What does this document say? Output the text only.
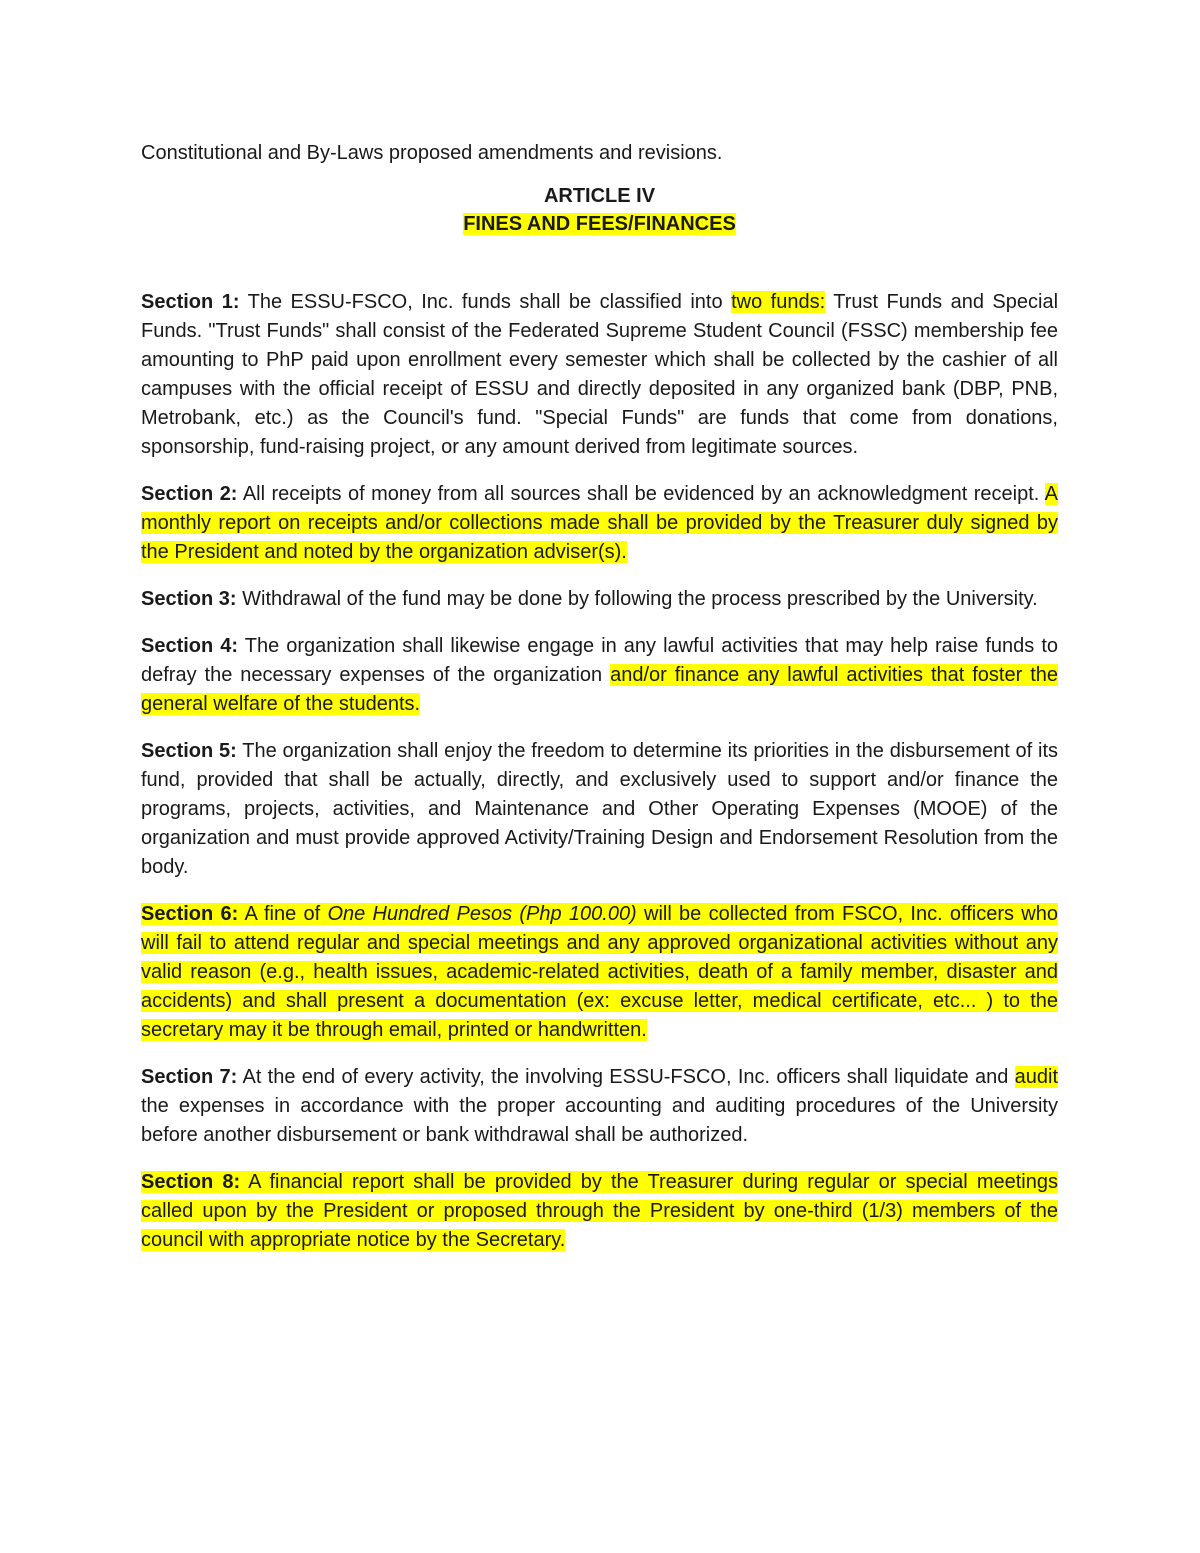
Constitutional and By-Laws proposed amendments and revisions.

ARTICLE IV

FINES AND FEES/FINANCES

Section 1: The ESSU-FSCO, Inc. funds shall be classified into two funds: Trust Funds and Special Funds. "Trust Funds" shall consist of the Federated Supreme Student Council (FSSC) membership fee amounting to PhP paid upon enrollment every semester which shall be collected by the cashier of all campuses with the official receipt of ESSU and directly deposited in any organized bank (DBP, PNB, Metrobank, etc.) as the Council's fund. "Special Funds" are funds that come from donations, sponsorship, fund-raising project, or any amount derived from legitimate sources.

Section 2: All receipts of money from all sources shall be evidenced by an acknowledgment receipt. A monthly report on receipts and/or collections made shall be provided by the Treasurer duly signed by the President and noted by the organization adviser(s).

Section 3: Withdrawal of the fund may be done by following the process prescribed by the University.

Section 4: The organization shall likewise engage in any lawful activities that may help raise funds to defray the necessary expenses of the organization and/or finance any lawful activities that foster the general welfare of the students.

Section 5: The organization shall enjoy the freedom to determine its priorities in the disbursement of its fund, provided that shall be actually, directly, and exclusively used to support and/or finance the programs, projects, activities, and Maintenance and Other Operating Expenses (MOOE) of the organization and must provide approved Activity/Training Design and Endorsement Resolution from the body.

Section 6: A fine of One Hundred Pesos (Php 100.00) will be collected from FSCO, Inc. officers who will fail to attend regular and special meetings and any approved organizational activities without any valid reason (e.g., health issues, academic-related activities, death of a family member, disaster and accidents) and shall present a documentation (ex: excuse letter, medical certificate, etc... ) to the secretary may it be through email, printed or handwritten.

Section 7: At the end of every activity, the involving ESSU-FSCO, Inc. officers shall liquidate and audit the expenses in accordance with the proper accounting and auditing procedures of the University before another disbursement or bank withdrawal shall be authorized.

Section 8: A financial report shall be provided by the Treasurer during regular or special meetings called upon by the President or proposed through the President by one-third (1/3) members of the council with appropriate notice by the Secretary.
